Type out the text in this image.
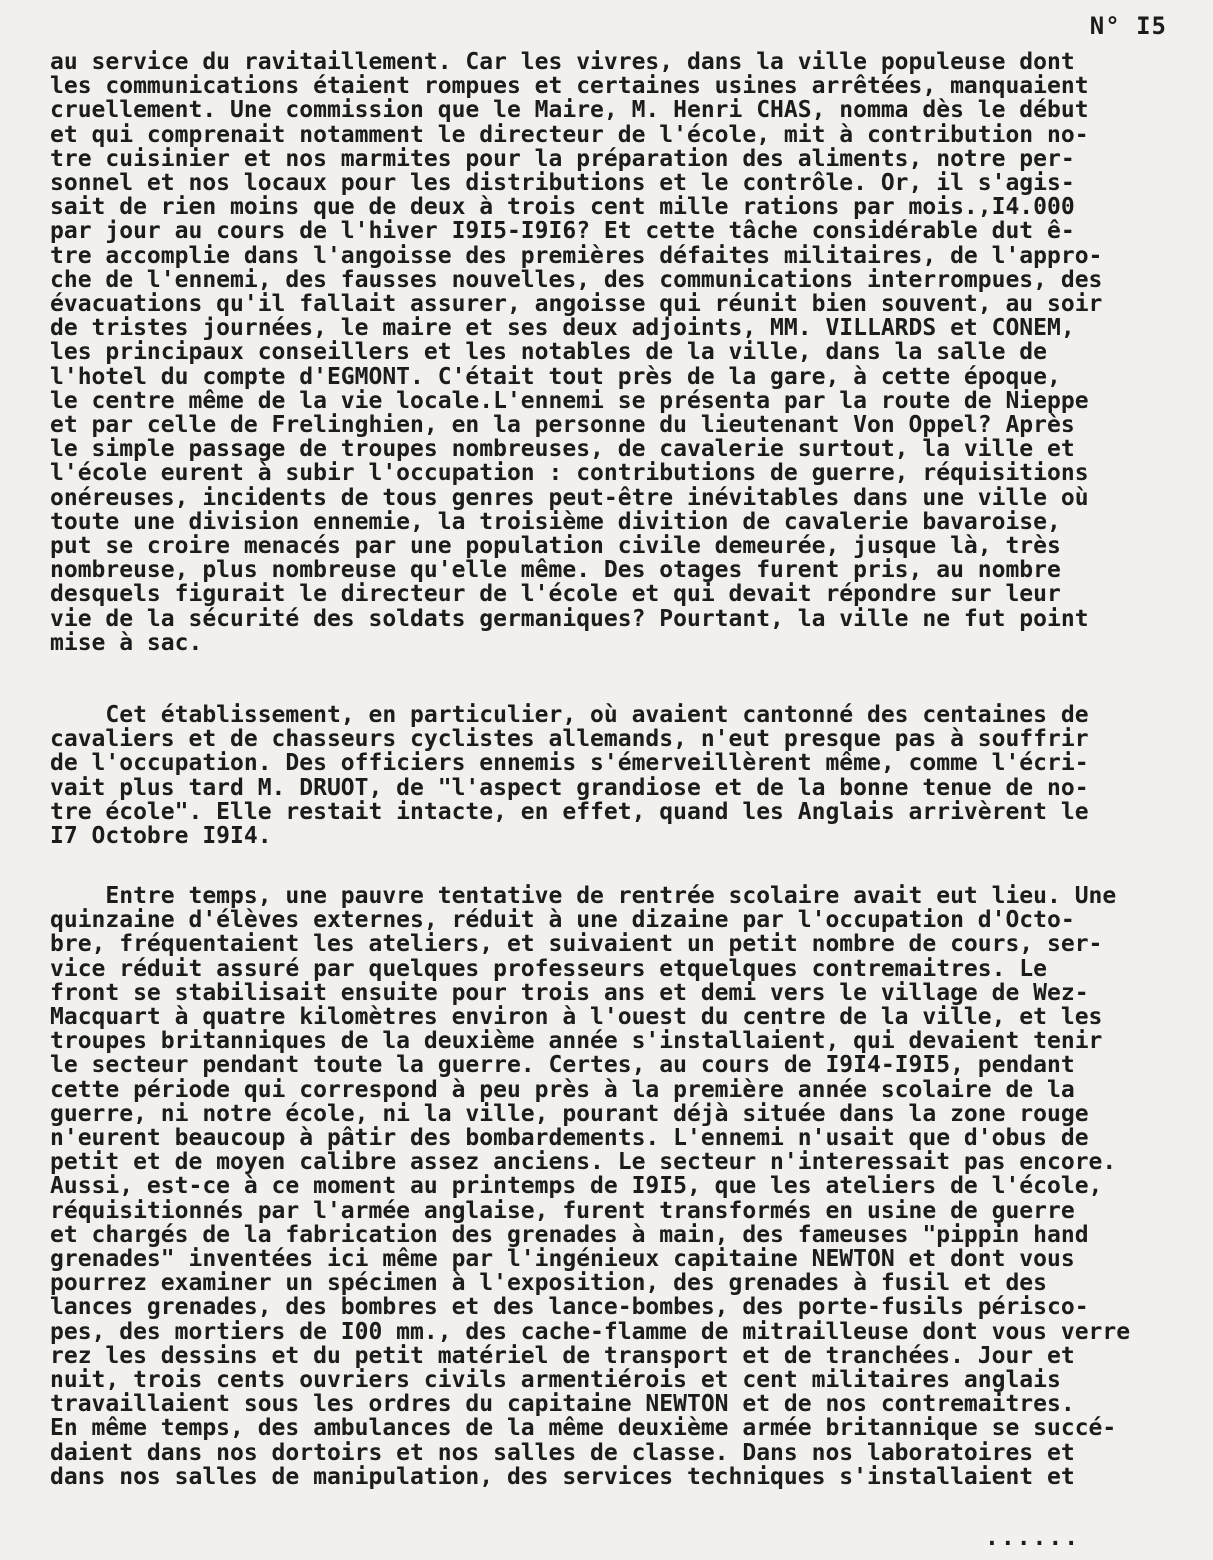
N° I5
au service du ravitaillement. Car les vivres, dans la ville populeuse dont
les communications étaient rompues et certaines usines arrêtées, manquaient
cruellement. Une commission que le Maire, M. Henri CHAS, nomma dès le début
et qui comprenait notamment le directeur de l'école, mit à contribution no-
tre cuisinier et nos marmites pour la préparation des aliments, notre per-
sonnel et nos locaux pour les distributions et le contrôle. Or, il s'agis-
sait de rien moins que de deux à trois cent mille rations par mois.,I4.000
par jour au cours de l'hiver I9I5-I9I6? Et cette tâche considérable dut ê-
tre accomplie dans l'angoisse des premières défaites militaires, de l'appro-
che de l'ennemi, des fausses nouvelles, des communications interrompues, des
évacuations qu'il fallait assurer, angoisse qui réunit bien souvent, au soir
de tristes journées, le maire et ses deux adjoints, MM. VILLARDS et CONEM,
les principaux conseillers et les notables de la ville, dans la salle de
l'hotel du compte d'EGMONT. C'était tout près de la gare, à cette époque,
le centre même de la vie locale.L'ennemi se présenta par la route de Nieppe
et par celle de Frelinghien, en la personne du lieutenant Von Oppel? Après
le simple passage de troupes nombreuses, de cavalerie surtout, la ville et
l'école eurent à subir l'occupation : contributions de guerre, réquisitions
onéreuses, incidents de tous genres peut-être inévitables dans une ville où
toute une division ennemie, la troisième divition de cavalerie bavaroise,
put se croire menacés par une population civile demeurée, jusque là, très
nombreuse, plus nombreuse qu'elle même. Des otages furent pris, au nombre
desquels figurait le directeur de l'école et qui devait répondre sur leur
vie de la sécurité des soldats germaniques? Pourtant, la ville ne fut point
mise à sac.
Cet établissement, en particulier, où avaient cantonné des centaines de
cavaliers et de chasseurs cyclistes allemands, n'eut presque pas à souffrir
de l'occupation. Des officiers ennemis s'émerveillèrent même, comme l'écri-
vait plus tard M. DRUOT, de "l'aspect grandiose et de la bonne tenue de no-
tre école". Elle restait intacte, en effet, quand les Anglais arrivèrent le
I7 Octobre I9I4.
Entre temps, une pauvre tentative de rentrée scolaire avait eut lieu. Une
quinzaine d'élèves externes, réduit à une dizaine par l'occupation d'Octo-
bre, fréquentaient les ateliers, et suivaient un petit nombre de cours, ser-
vice réduit assuré par quelques professeurs etquelques contremaitres. Le
front se stabilisait ensuite pour trois ans et demi vers le village de Wez-
Macquart à quatre kilomètres environ à l'ouest du centre de la ville, et les
troupes britanniques de la deuxième année s'installaient, qui devaient tenir
le secteur pendant toute la guerre. Certes, au cours de I9I4-I9I5, pendant
cette période qui correspond à peu près à la première année scolaire de la
guerre, ni notre école, ni la ville, pourant déjà située dans la zone rouge
n'eurent beaucoup à pâtir des bombardements. L'ennemi n'usait que d'obus de
petit et de moyen calibre assez anciens. Le secteur n'interessait pas encore.
Aussi, est-ce à ce moment au printemps de I9I5, que les ateliers de l'école,
réquisitionnés par l'armée anglaise, furent transformés en usine de guerre
et chargés de la fabrication des grenades à main, des fameuses "pippin hand
grenades" inventées ici même par l'ingénieux capitaine NEWTON et dont vous
pourrez examiner un spécimen à l'exposition, des grenades à fusil et des
lances grenades, des bombres et des lance-bombes, des porte-fusils périsco-
pes, des mortiers de I00 mm., des cache-flamme de mitrailleuse dont vous verre
rez les dessins et du petit matériel de transport et de tranchées. Jour et
nuit, trois cents ouvriers civils armentiérois et cent militaires anglais
travaillaient sous les ordres du capitaine NEWTON et de nos contremaitres.
En même temps, des ambulances de la même deuxième armée britannique se succé-
daient dans nos dortoirs et nos salles de classe. Dans nos laboratoires et
dans nos salles de manipulation, des services techniques s'installaient et
......
